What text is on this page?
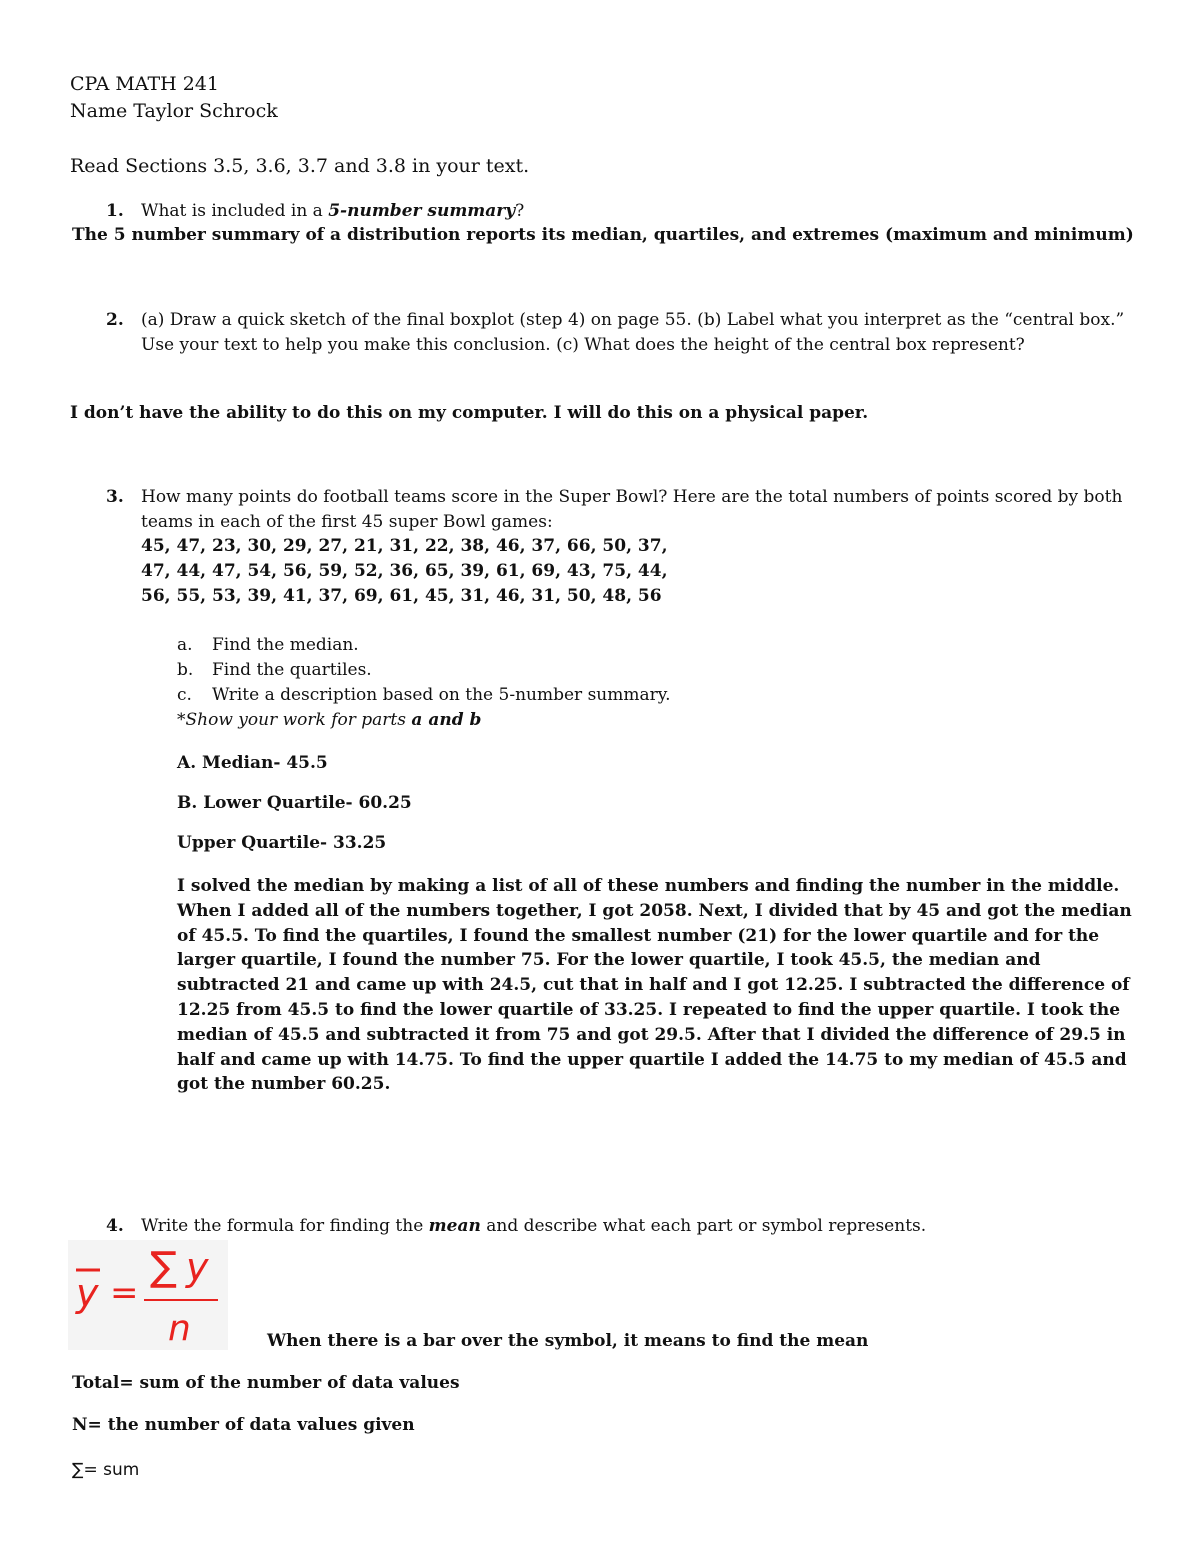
CPA MATH 241
Name Taylor Schrock
Read Sections 3.5, 3.6, 3.7 and 3.8 in your text.
1. What is included in a 5-number summary?
The 5 number summary of a distribution reports its median, quartiles, and extremes (maximum and minimum)
2. (a) Draw a quick sketch of the final boxplot (step 4) on page 55. (b) Label what you interpret as the “central box.”
Use your text to help you make this conclusion. (c) What does the height of the central box represent?
I don’t have the ability to do this on my computer. I will do this on a physical paper.
3. How many points do football teams score in the Super Bowl? Here are the total numbers of points scored by both
teams in each of the first 45 super Bowl games:
45, 47, 23, 30, 29, 27, 21, 31, 22, 38, 46, 37, 66, 50, 37,
47, 44, 47, 54, 56, 59, 52, 36, 65, 39, 61, 69, 43, 75, 44,
56, 55, 53, 39, 41, 37, 69, 61, 45, 31, 46, 31, 50, 48, 56
a. Find the median.
b. Find the quartiles.
c. Write a description based on the 5-number summary.
*Show your work for parts a and b
A. Median- 45.5
B. Lower Quartile- 60.25
Upper Quartile- 33.25
I solved the median by making a list of all of these numbers and finding the number in the middle. When I added all of the numbers together, I got 2058. Next, I divided that by 45 and got the median of 45.5. To find the quartiles, I found the smallest number (21) for the lower quartile and for the larger quartile, I found the number 75. For the lower quartile, I took 45.5, the median and subtracted 21 and came up with 24.5, cut that in half and I got 12.25. I subtracted the difference of 12.25 from 45.5 to find the lower quartile of 33.25. I repeated to find the upper quartile. I took the median of 45.5 and subtracted it from 75 and got 29.5. After that I divided the difference of 29.5 in half and came up with 14.75. To find the upper quartile I added the 14.75 to my median of 45.5 and got the number 60.25.
4. Write the formula for finding the mean and describe what each part or symbol represents.
y =
∑ y
n	When there is a bar over the symbol, it means to find the mean
Total= sum of the number of data values
N= the number of data values given
∑= sum
